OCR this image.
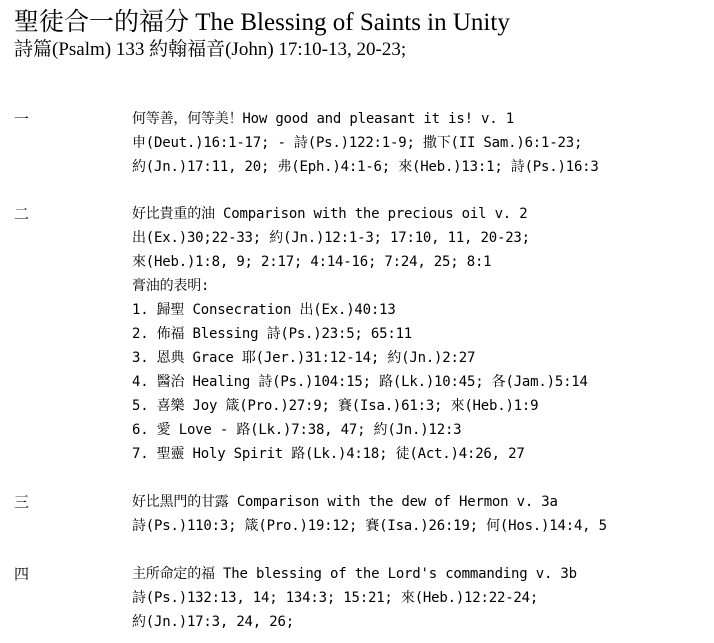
聖徒合一的福分 The Blessing of Saints in Unity
詩篇(Psalm) 133 約翰福音(John) 17:10-13, 20-23;
一	何等善，何等美！How good and pleasant it is! v. 1
申(Deut.)16:1-17; - 詩(Ps.)122:1-9; 撒下(II Sam.)6:1-23;
約(Jn.)17:11, 20; 弗(Eph.)4:1-6; 來(Heb.)13:1; 詩(Ps.)16:3
二	好比貴重的油 Comparison with the precious oil v. 2
出(Ex.)30;22-33; 約(Jn.)12:1-3; 17:10, 11, 20-23;
來(Heb.)1:8, 9; 2:17; 4:14-16; 7:24, 25; 8:1
膏油的表明:
1. 歸聖 Consecration 出(Ex.)40:13
2. 佈福 Blessing 詩(Ps.)23:5; 65:11
3. 恩典 Grace 耶(Jer.)31:12-14; 約(Jn.)2:27
4. 醫治 Healing 詩(Ps.)104:15; 路(Lk.)10:45; 各(Jam.)5:14
5. 喜樂 Joy 箴(Pro.)27:9; 賽(Isa.)61:3; 來(Heb.)1:9
6. 愛 Love - 路(Lk.)7:38, 47; 約(Jn.)12:3
7. 聖靈 Holy Spirit 路(Lk.)4:18; 徒(Act.)4:26, 27
三	好比黑門的甘露 Comparison with the dew of Hermon v. 3a
詩(Ps.)110:3; 箴(Pro.)19:12; 賽(Isa.)26:19; 何(Hos.)14:4, 5
四	主所命定的福 The blessing of the Lord's commanding v. 3b
詩(Ps.)132:13, 14; 134:3; 15:21; 來(Heb.)12:22-24;
約(Jn.)17:3, 24, 26;
